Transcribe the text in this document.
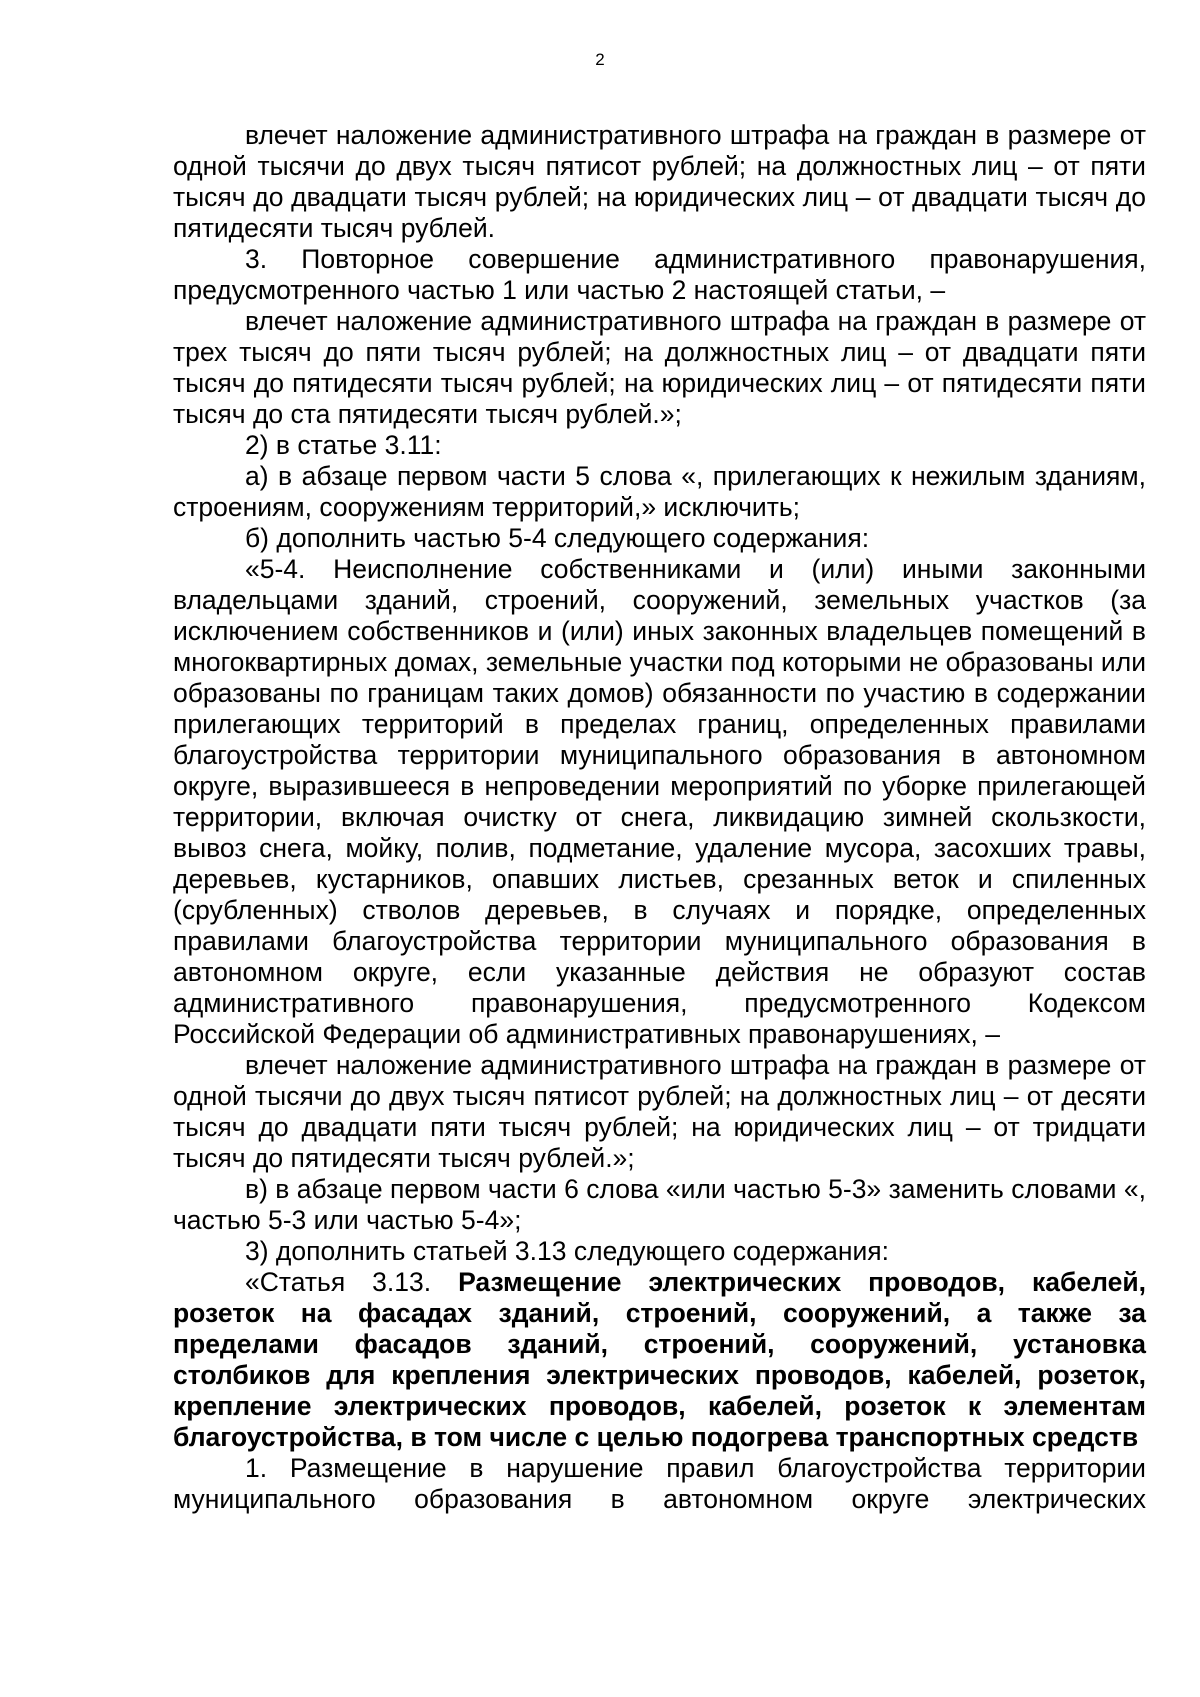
2

влечет наложение административного штрафа на граждан в размере от одной тысячи до двух тысяч пятисот рублей; на должностных лиц – от пяти тысяч до двадцати тысяч рублей; на юридических лиц – от двадцати тысяч до пятидесяти тысяч рублей.

3. Повторное совершение административного правонарушения, предусмотренного частью 1 или частью 2 настоящей статьи, –

влечет наложение административного штрафа на граждан в размере от трех тысяч до пяти тысяч рублей; на должностных лиц – от двадцати пяти тысяч до пятидесяти тысяч рублей; на юридических лиц – от пятидесяти пяти тысяч до ста пятидесяти тысяч рублей.»;

2) в статье 3.11:

а) в абзаце первом части 5 слова «, прилегающих к нежилым зданиям, строениям, сооружениям территорий,» исключить;

б) дополнить частью 5-4 следующего содержания:

«5-4. Неисполнение собственниками и (или) иными законными владельцами зданий, строений, сооружений, земельных участков (за исключением собственников и (или) иных законных владельцев помещений в многоквартирных домах, земельные участки под которыми не образованы или образованы по границам таких домов) обязанности по участию в содержании прилегающих территорий в пределах границ, определенных правилами благоустройства территории муниципального образования в автономном округе, выразившееся в непроведении мероприятий по уборке прилегающей территории, включая очистку от снега, ликвидацию зимней скользкости, вывоз снега, мойку, полив, подметание, удаление мусора, засохших травы, деревьев, кустарников, опавших листьев, срезанных веток и спиленных (срубленных) стволов деревьев, в случаях и порядке, определенных правилами благоустройства территории муниципального образования в автономном округе, если указанные действия не образуют состав административного правонарушения, предусмотренного Кодексом Российской Федерации об административных правонарушениях, –

влечет наложение административного штрафа на граждан в размере от одной тысячи до двух тысяч пятисот рублей; на должностных лиц – от десяти тысяч до двадцати пяти тысяч рублей; на юридических лиц – от тридцати тысяч до пятидесяти тысяч рублей.»;

в) в абзаце первом части 6 слова «или частью 5-3» заменить словами «, частью 5-3 или частью 5-4»;

3) дополнить статьей 3.13 следующего содержания:

«Статья 3.13. Размещение электрических проводов, кабелей, розеток на фасадах зданий, строений, сооружений, а также за пределами фасадов зданий, строений, сооружений, установка столбиков для крепления электрических проводов, кабелей, розеток, крепление электрических проводов, кабелей, розеток к элементам благоустройства, в том числе с целью подогрева транспортных средств

1. Размещение в нарушение правил благоустройства территории муниципального образования в автономном округе электрических
